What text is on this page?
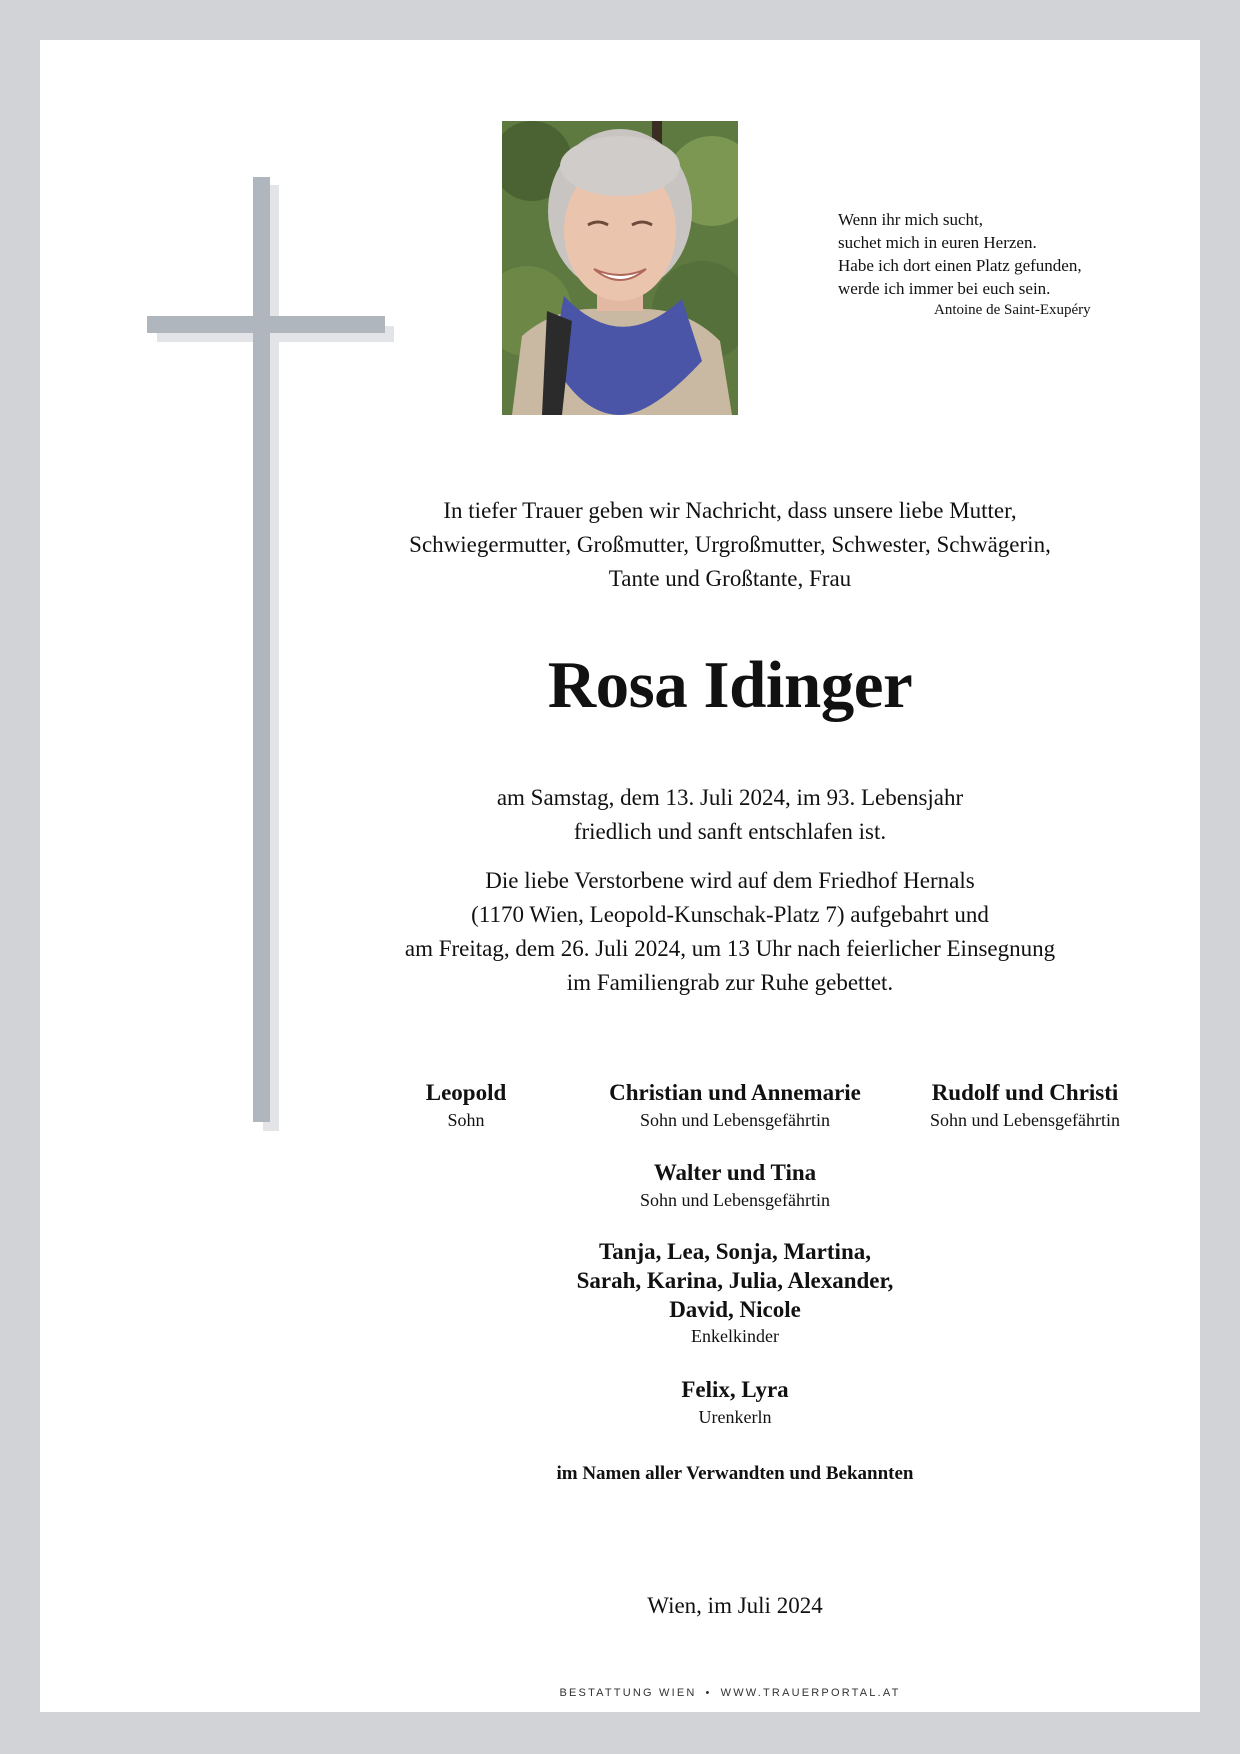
Wenn ihr mich sucht,
suchet mich in euren Herzen.
Habe ich dort einen Platz gefunden,
werde ich immer bei euch sein.
Antoine de Saint-Exupéry
In tiefer Trauer geben wir Nachricht, dass unsere liebe Mutter,
Schwiegermutter, Großmutter, Urgroßmutter, Schwester, Schwägerin,
Tante und Großtante, Frau
Rosa Idinger
am Samstag, dem 13. Juli 2024, im 93. Lebensjahr
friedlich und sanft entschlafen ist.
Die liebe Verstorbene wird auf dem Friedhof Hernals
(1170 Wien, Leopold-Kunschak-Platz 7) aufgebahrt und
am Freitag, dem 26. Juli 2024, um 13 Uhr nach feierlicher Einsegnung
im Familiengrab zur Ruhe gebettet.
Leopold
Sohn
Christian und Annemarie
Sohn und Lebensgefährtin
Rudolf und Christi
Sohn und Lebensgefährtin
Walter und Tina
Sohn und Lebensgefährtin
Tanja, Lea, Sonja, Martina,
Sarah, Karina, Julia, Alexander,
David, Nicole
Enkelkinder
Felix, Lyra
Urenkerln
im Namen aller Verwandten und Bekannten
Wien, im Juli 2024
BESTATTUNG WIEN • WWW.TRAUERPORTAL.AT
